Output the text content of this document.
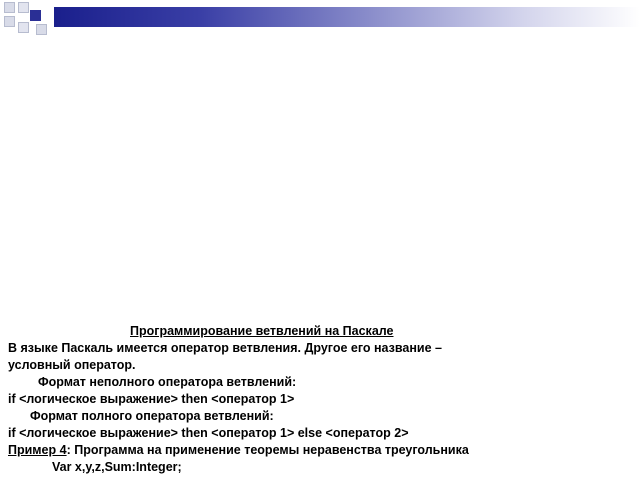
Программирование ветвлений на Паскале
В языке Паскаль имеется оператор ветвления. Другое его название –
условный оператор.
Формат неполного оператора ветвлений:
if <логическое выражение> then <оператор 1>
Формат полного оператора ветвлений:
if <логическое выражение> then <оператор 1> else <оператор 2>
Пример 4: Программа на применение теоремы неравенства треугольника
Var x,y,z,Sum:Integer;
